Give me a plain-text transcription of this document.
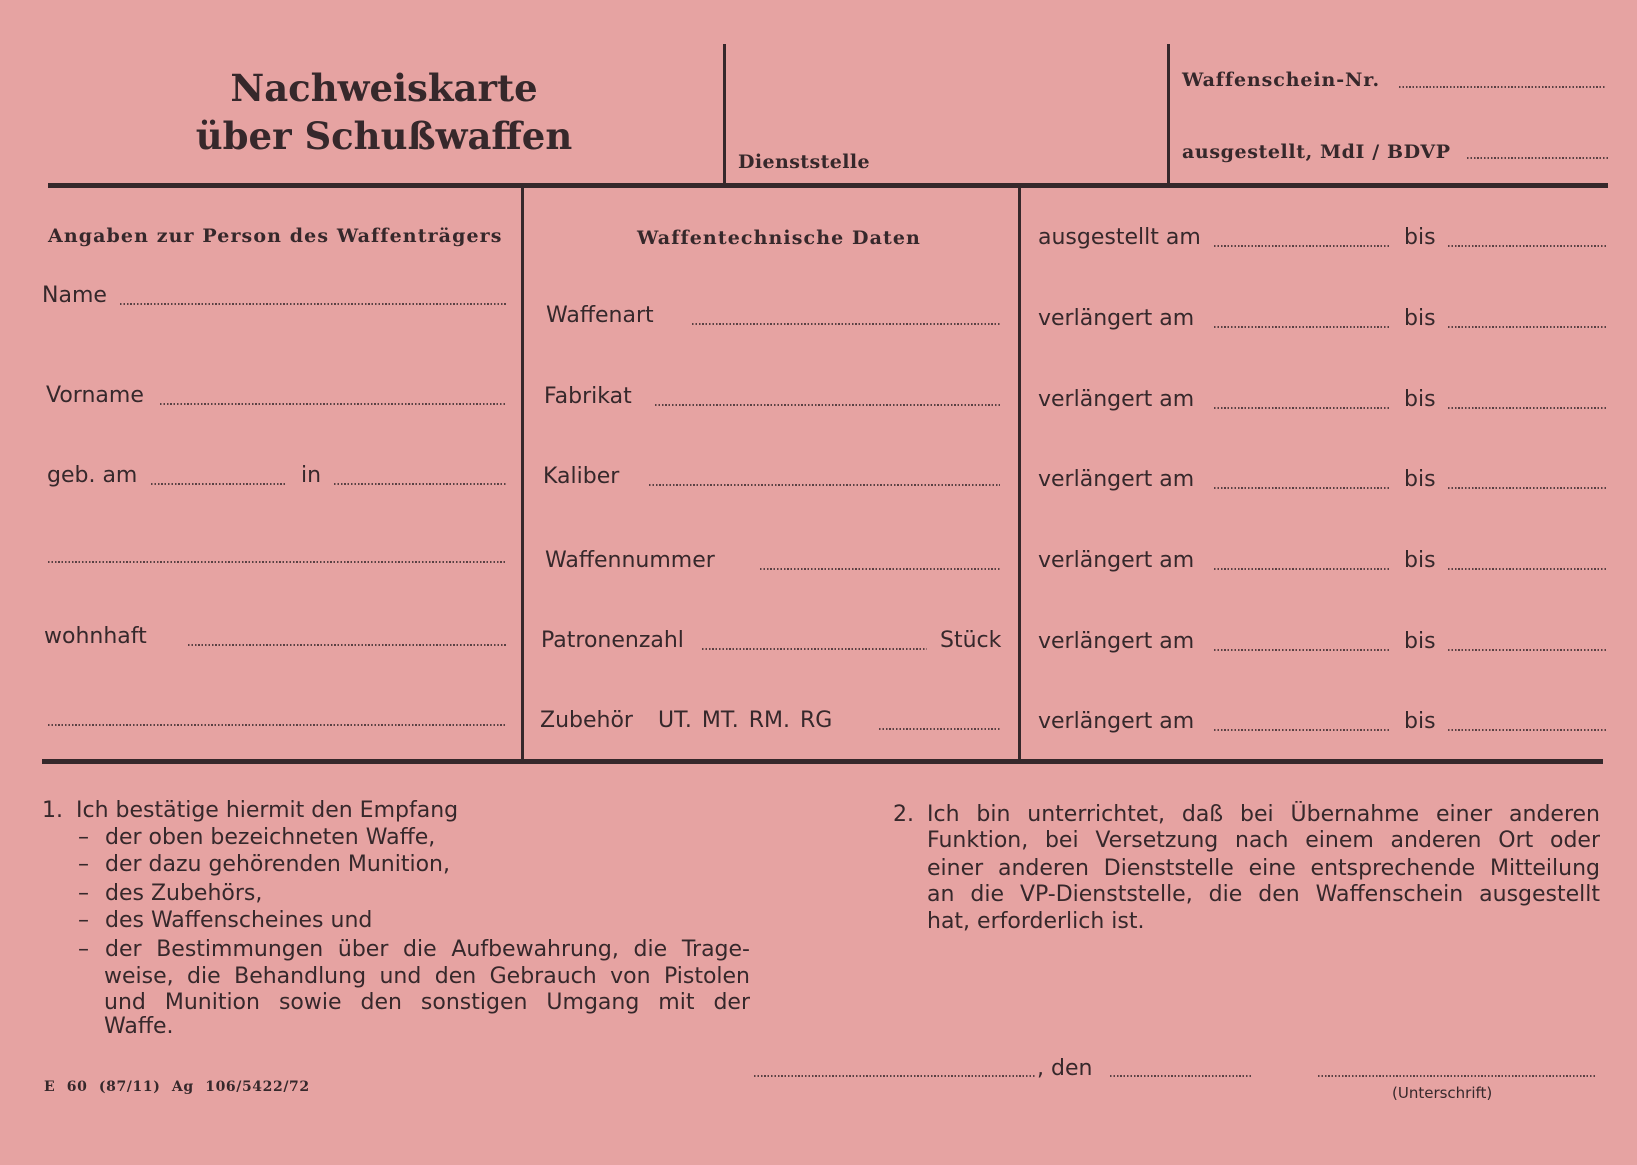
Nachweiskarte
über Schußwaffen
Dienststelle
Waffenschein-Nr.
ausgestellt, MdI / BDVP
Angaben zur Person des Waffenträgers
Name
Vorname
geb. am	in
wohnhaft
Waffentechnische Daten
Waffenart
Fabrikat
Kaliber
Waffennummer
Patronenzahl	Stück
Zubehör UT. MT. RM. RG
ausgestellt am	bis
verlängert am	bis
verlängert am	bis
verlängert am	bis
verlängert am	bis
verlängert am	bis
verlängert am	bis
1. Ich bestätige hiermit den Empfang
– der oben bezeichneten Waffe,
– der dazu gehörenden Munition,
– des Zubehörs,
– des Waffenscheines und
– der Bestimmungen über die Aufbewahrung, die Trage-
weise, die Behandlung und den Gebrauch von Pistolen
und Munition sowie den sonstigen Umgang mit der
Waffe.
2. Ich bin unterrichtet, daß bei Übernahme einer anderen
Funktion, bei Versetzung nach einem anderen Ort oder
einer anderen Dienststelle eine entsprechende Mitteilung
an die VP-Dienststelle, die den Waffenschein ausgestellt
hat, erforderlich ist.
E 60 (87/11) Ag 106/5422/72
, den
(Unterschrift)
